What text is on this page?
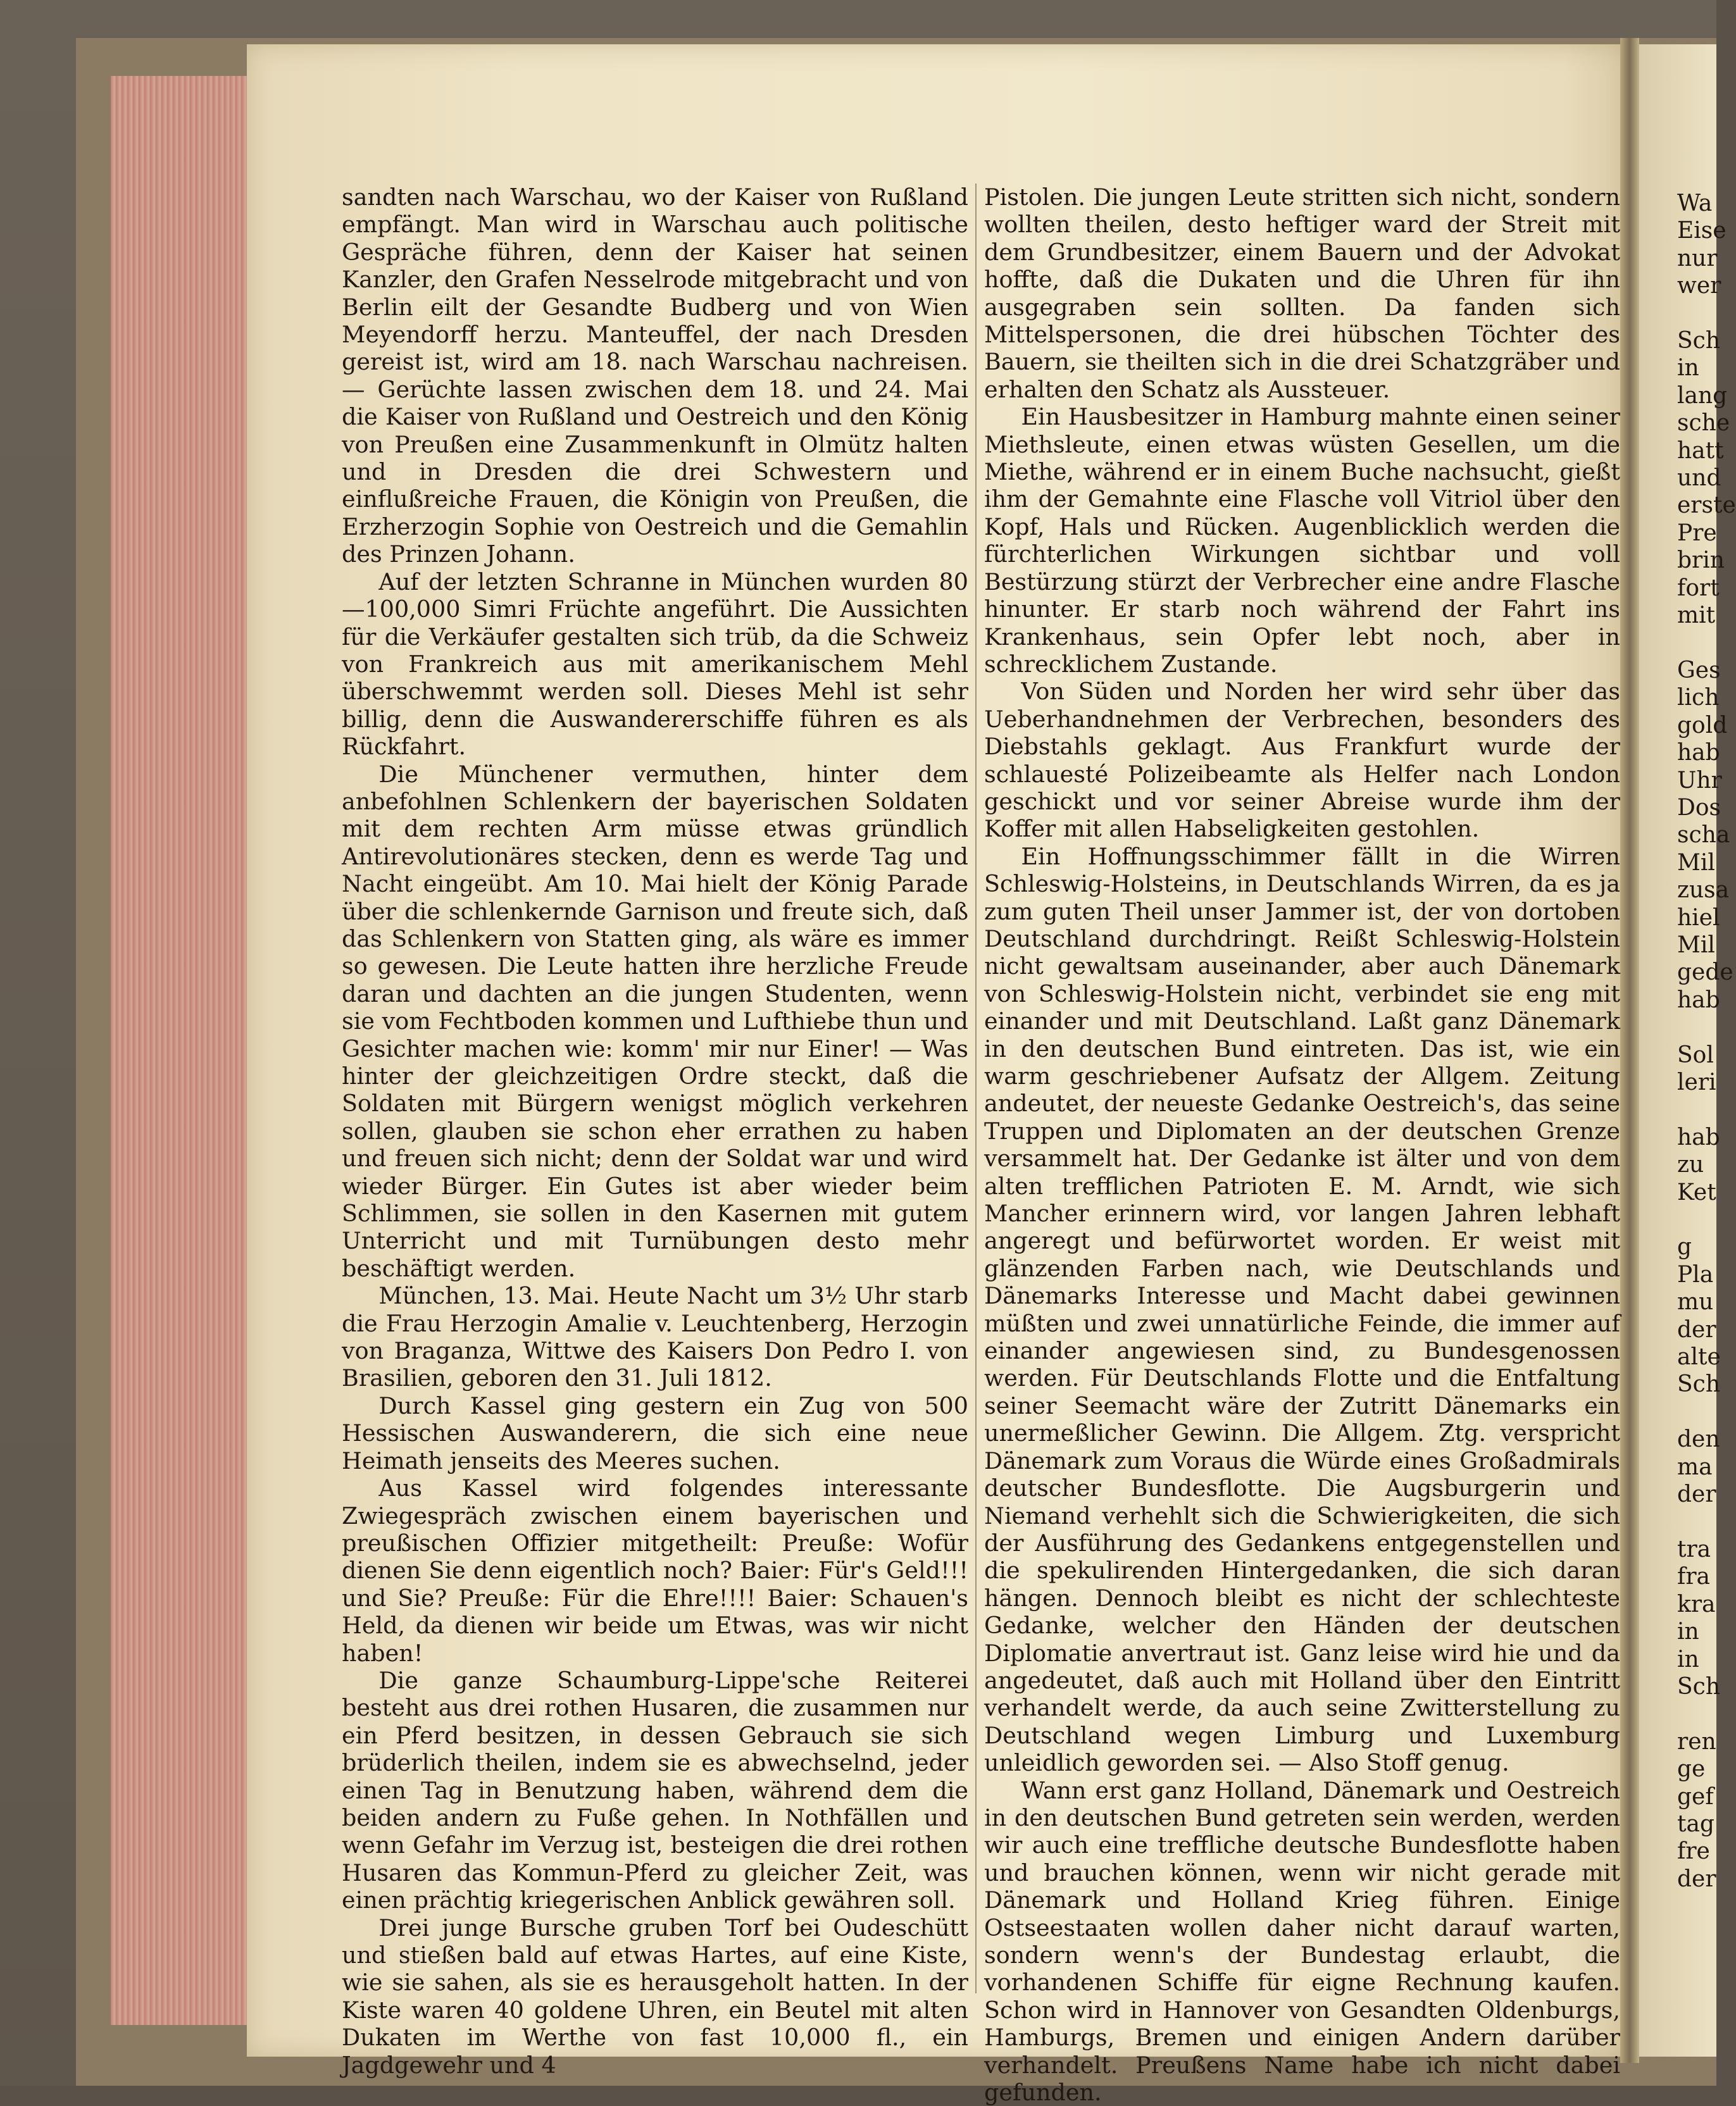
sandten nach Warschau, wo der Kaiser von Rußland empfängt. Man wird in Warschau auch politische Gespräche führen, denn der Kaiser hat seinen Kanzler, den Grafen Nesselrode mitgebracht und von Berlin eilt der Gesandte Budberg und von Wien Meyendorff herzu. Manteuffel, der nach Dresden gereist ist, wird am 18. nach Warschau nachreisen. — Gerüchte lassen zwischen dem 18. und 24. Mai die Kaiser von Rußland und Oestreich und den König von Preußen eine Zusammenkunft in Olmütz halten und in Dresden die drei Schwestern und einflußreiche Frauen, die Königin von Preußen, die Erzherzogin Sophie von Oestreich und die Gemahlin des Prinzen Johann.

Auf der letzten Schranne in München wurden 80—100,000 Simri Früchte angeführt. Die Aussichten für die Verkäufer gestalten sich trüb, da die Schweiz von Frankreich aus mit amerikanischem Mehl überschwemmt werden soll. Dieses Mehl ist sehr billig, denn die Auswandererschiffe führen es als Rückfahrt.

Die Münchener vermuthen, hinter dem anbefohlnen Schlenkern der bayerischen Soldaten mit dem rechten Arm müsse etwas gründlich Antirevolutionäres stecken, denn es werde Tag und Nacht eingeübt. Am 10. Mai hielt der König Parade über die schlenkernde Garnison und freute sich, daß das Schlenkern von Statten ging, als wäre es immer so gewesen. Die Leute hatten ihre herzliche Freude daran und dachten an die jungen Studenten, wenn sie vom Fechtboden kommen und Lufthiebe thun und Gesichter machen wie: komm' mir nur Einer! — Was hinter der gleichzeitigen Ordre steckt, daß die Soldaten mit Bürgern wenigst möglich verkehren sollen, glauben sie schon eher errathen zu haben und freuen sich nicht; denn der Soldat war und wird wieder Bürger. Ein Gutes ist aber wieder beim Schlimmen, sie sollen in den Kasernen mit gutem Unterricht und mit Turnübungen desto mehr beschäftigt werden.

München, 13. Mai. Heute Nacht um 3½ Uhr starb die Frau Herzogin Amalie v. Leuchtenberg, Herzogin von Braganza, Wittwe des Kaisers Don Pedro I. von Brasilien, geboren den 31. Juli 1812.

Durch Kassel ging gestern ein Zug von 500 Hessischen Auswanderern, die sich eine neue Heimath jenseits des Meeres suchen.

Aus Kassel wird folgendes interessante Zwiegespräch zwischen einem bayerischen und preußischen Offizier mitgetheilt: Preuße: Wofür dienen Sie denn eigentlich noch? Baier: Für's Geld!!! und Sie? Preuße: Für die Ehre!!!! Baier: Schauen's Held, da dienen wir beide um Etwas, was wir nicht haben!

Die ganze Schaumburg-Lippe'sche Reiterei besteht aus drei rothen Husaren, die zusammen nur ein Pferd besitzen, in dessen Gebrauch sie sich brüderlich theilen, indem sie es abwechselnd, jeder einen Tag in Benutzung haben, während dem die beiden andern zu Fuße gehen. In Nothfällen und wenn Gefahr im Verzug ist, besteigen die drei rothen Husaren das Kommun-Pferd zu gleicher Zeit, was einen prächtig kriegerischen Anblick gewähren soll.

Drei junge Bursche gruben Torf bei Oudeschütt und stießen bald auf etwas Hartes, auf eine Kiste, wie sie sahen, als sie es herausgeholt hatten. In der Kiste waren 40 goldene Uhren, ein Beutel mit alten Dukaten im Werthe von fast 10,000 fl., ein Jagdgewehr und 4

Pistolen. Die jungen Leute stritten sich nicht, sondern wollten theilen, desto heftiger ward der Streit mit dem Grundbesitzer, einem Bauern und der Advokat hoffte, daß die Dukaten und die Uhren für ihn ausgegraben sein sollten. Da fanden sich Mittelspersonen, die drei hübschen Töchter des Bauern, sie theilten sich in die drei Schatzgräber und erhalten den Schatz als Aussteuer.

Ein Hausbesitzer in Hamburg mahnte einen seiner Miethsleute, einen etwas wüsten Gesellen, um die Miethe, während er in einem Buche nachsucht, gießt ihm der Gemahnte eine Flasche voll Vitriol über den Kopf, Hals und Rücken. Augenblicklich werden die fürchterlichen Wirkungen sichtbar und voll Bestürzung stürzt der Verbrecher eine andre Flasche hinunter. Er starb noch während der Fahrt ins Krankenhaus, sein Opfer lebt noch, aber in schrecklichem Zustande.

Von Süden und Norden her wird sehr über das Ueberhandnehmen der Verbrechen, besonders des Diebstahls geklagt. Aus Frankfurt wurde der schlauesté Polizeibeamte als Helfer nach London geschickt und vor seiner Abreise wurde ihm der Koffer mit allen Habseligkeiten gestohlen.

Ein Hoffnungsschimmer fällt in die Wirren Schleswig-Holsteins, in Deutschlands Wirren, da es ja zum guten Theil unser Jammer ist, der von dortoben Deutschland durchdringt. Reißt Schleswig-Holstein nicht gewaltsam auseinander, aber auch Dänemark von Schleswig-Holstein nicht, verbindet sie eng mit einander und mit Deutschland. Laßt ganz Dänemark in den deutschen Bund eintreten. Das ist, wie ein warm geschriebener Aufsatz der Allgem. Zeitung andeutet, der neueste Gedanke Oestreich's, das seine Truppen und Diplomaten an der deutschen Grenze versammelt hat. Der Gedanke ist älter und von dem alten trefflichen Patrioten E. M. Arndt, wie sich Mancher erinnern wird, vor langen Jahren lebhaft angeregt und befürwortet worden. Er weist mit glänzenden Farben nach, wie Deutschlands und Dänemarks Interesse und Macht dabei gewinnen müßten und zwei unnatürliche Feinde, die immer auf einander angewiesen sind, zu Bundesgenossen werden. Für Deutschlands Flotte und die Entfaltung seiner Seemacht wäre der Zutritt Dänemarks ein unermeßlicher Gewinn. Die Allgem. Ztg. verspricht Dänemark zum Voraus die Würde eines Großadmirals deutscher Bundesflotte. Die Augsburgerin und Niemand verhehlt sich die Schwierigkeiten, die sich der Ausführung des Gedankens entgegenstellen und die spekulirenden Hintergedanken, die sich daran hängen. Dennoch bleibt es nicht der schlechteste Gedanke, welcher den Händen der deutschen Diplomatie anvertraut ist. Ganz leise wird hie und da angedeutet, daß auch mit Holland über den Eintritt verhandelt werde, da auch seine Zwitterstellung zu Deutschland wegen Limburg und Luxemburg unleidlich geworden sei. — Also Stoff genug.

Wann erst ganz Holland, Dänemark und Oestreich in den deutschen Bund getreten sein werden, werden wir auch eine treffliche deutsche Bundesflotte haben und brauchen können, wenn wir nicht gerade mit Dänemark und Holland Krieg führen. Einige Ostseestaaten wollen daher nicht darauf warten, sondern wenn's der Bundestag erlaubt, die vorhandenen Schiffe für eigne Rechnung kaufen. Schon wird in Hannover von Gesandten Oldenburgs, Hamburgs, Bremen und einigen Andern darüber verhandelt. Preußens Name habe ich nicht dabei gefunden.

Wa
Eise
nur
wer

Sch
in
lang
sche
hatt
und
erste
Pre
brin
fort
mit

Ges
lich
gold
hab
Uhr
Dos
scha
Mil
zusa
hiel
Mil
gede
hab

Sol
leri

hab
zu
Ket

g
Pla
mu
der
alte
Sch

den
ma
der

tra
fra
kra
in
in
Sch

ren
ge
gef
tag
fre
der
